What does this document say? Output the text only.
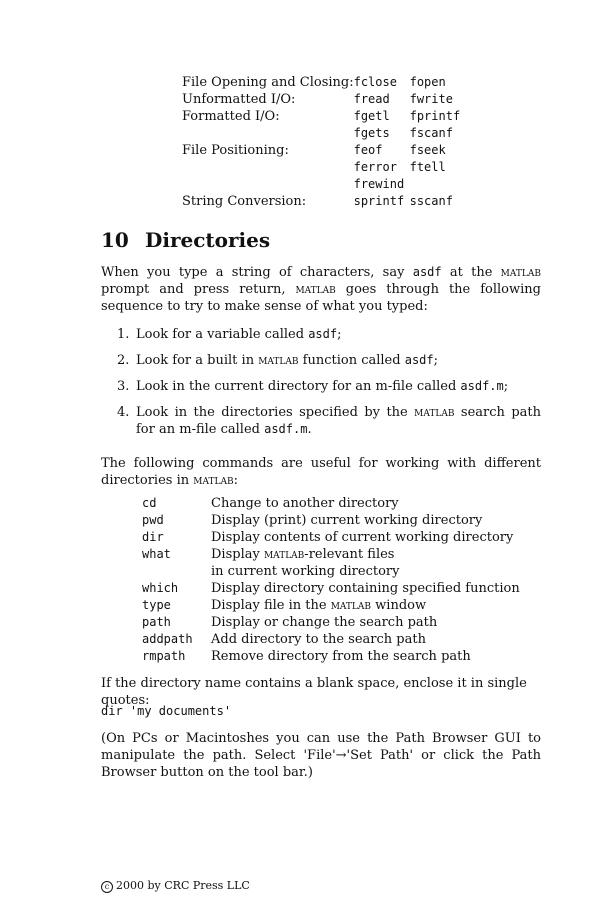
File Opening and Closing:	fclose	fopen
Unformatted I/O:	fread	fwrite
Formatted I/O:	fgetl	fprintf
	fgets	fscanf
File Positioning:	feof	fseek
	ferror	ftell
	frewind	
String Conversion:	sprintf	sscanf
10 Directories

When you type a string of characters, say asdf at the matlab prompt and press return, matlab goes through the following sequence to try to make sense of what you typed:

1. Look for a variable called asdf;
2. Look for a built in matlab function called asdf;
3. Look in the current directory for an m-file called asdf.m;
4. Look in the directories specified by the matlab search path for an m-file called asdf.m.

The following commands are useful for working with different directories in matlab:

cd	Change to another directory
pwd	Display (print) current working directory
dir	Display contents of current working directory
what	Display matlab-relevant files
	in current working directory
which	Display directory containing specified function
type	Display file in the matlab window
path	Display or change the search path
addpath	Add directory to the search path
rmpath	Remove directory from the search path

If the directory name contains a blank space, enclose it in single quotes:

dir 'my documents'

(On PCs or Macintoshes you can use the Path Browser GUI to manipulate the path. Select 'File'→'Set Path' or click the Path Browser button on the tool bar.)

c 2000 by CRC Press LLC
